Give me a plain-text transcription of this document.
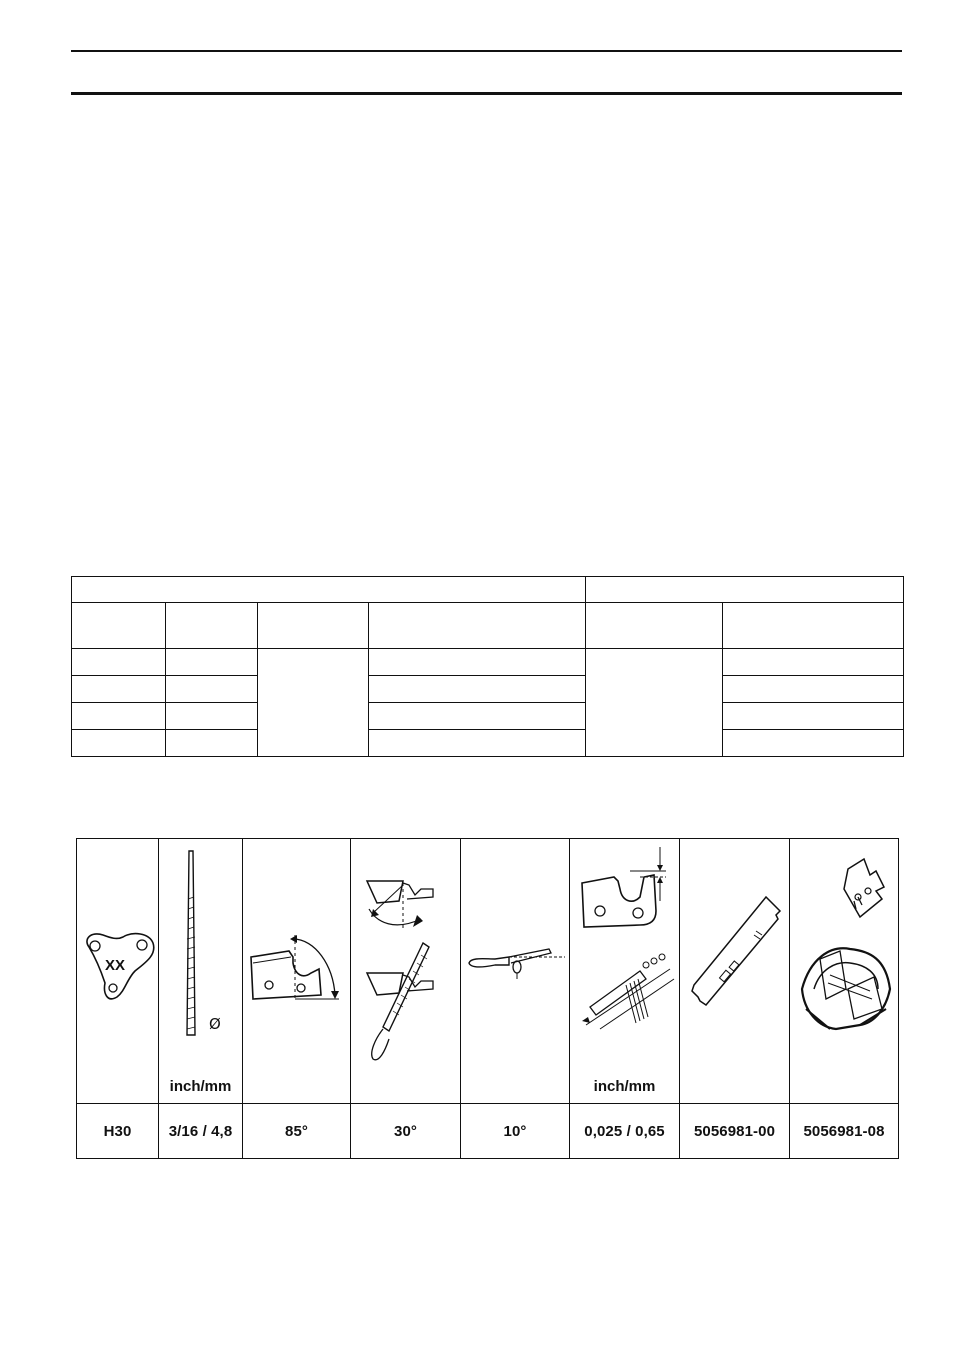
XX	Ø
inch/mm				inch/mm

H30	3/16 / 4,8	85°	30°	10°	0,025 / 0,65	5056981-00	5056981-08
